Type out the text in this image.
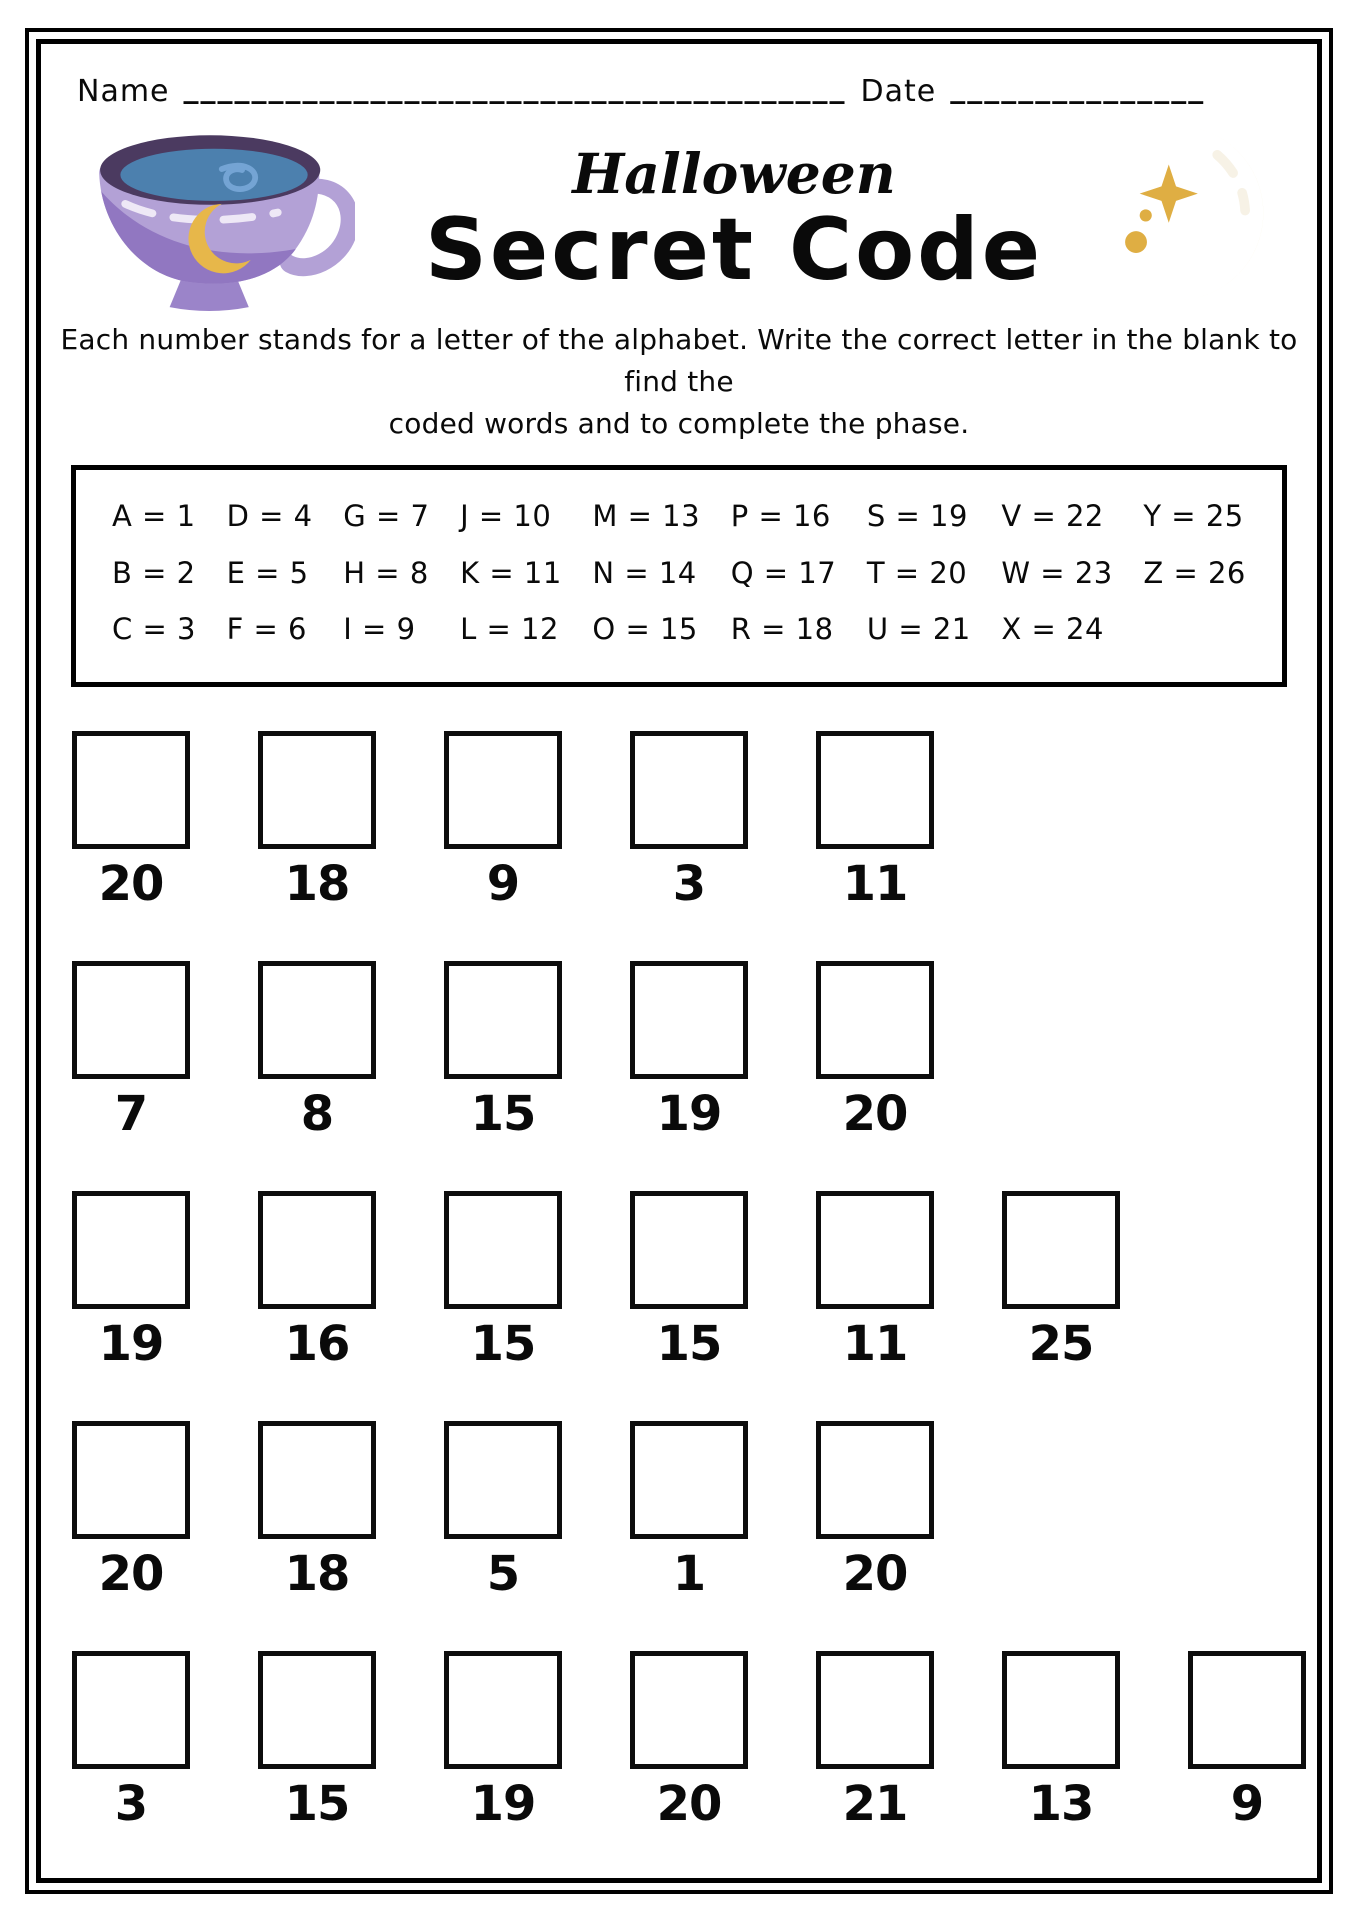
Name _______________________________________ Date _______________
Halloween
Secret Code
Each number stands for a letter of the alphabet. Write the correct letter in the blank to find the
coded words and to complete the phase.
A = 1
B = 2
C = 3
D = 4
E = 5
F = 6
G = 7
H = 8
I = 9
J = 10
K = 11
L = 12
M = 13
N = 14
O = 15
P = 16
Q = 17
R = 18
S = 19
T = 20
U = 21
V = 22
W = 23
X = 24
Y = 25
Z = 26
20	18	9	3	11
7	8	15	19	20
19	16	15	15	11	25
20	18	5	1	20
3	15	19	20	21	13	9
